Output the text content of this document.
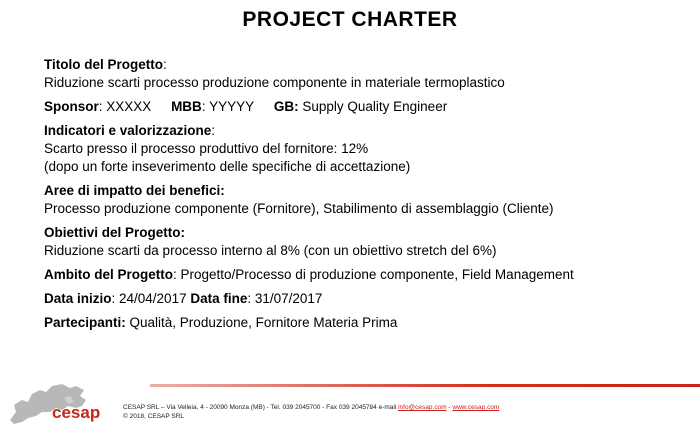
PROJECT CHARTER
Titolo del Progetto:
Riduzione scarti processo produzione componente in materiale termoplastico
Sponsor: XXXXX MBB: YYYYY GB: Supply Quality Engineer
Indicatori e valorizzazione:
Scarto presso il processo produttivo del fornitore: 12%
(dopo un forte inseverimento delle specifiche di accettazione)
Aree di impatto dei benefici:
Processo produzione componente (Fornitore), Stabilimento di assemblaggio (Cliente)
Obiettivi del Progetto:
Riduzione scarti da processo interno al 8% (con un obiettivo stretch del 6%)
Ambito del Progetto: Progetto/Processo di produzione componente, Field Management
Data inizio: 24/04/2017 Data fine: 31/07/2017
Partecipanti: Qualità, Produzione, Fornitore Materia Prima
cesap	CESAP SRL – Via Velleia, 4 - 20090 Monza (MB) - Tel. 039 2045700 - Fax 039 2045784 e-mail info@cesap.com - www.cesap.com
© 2018, CESAP SRL
